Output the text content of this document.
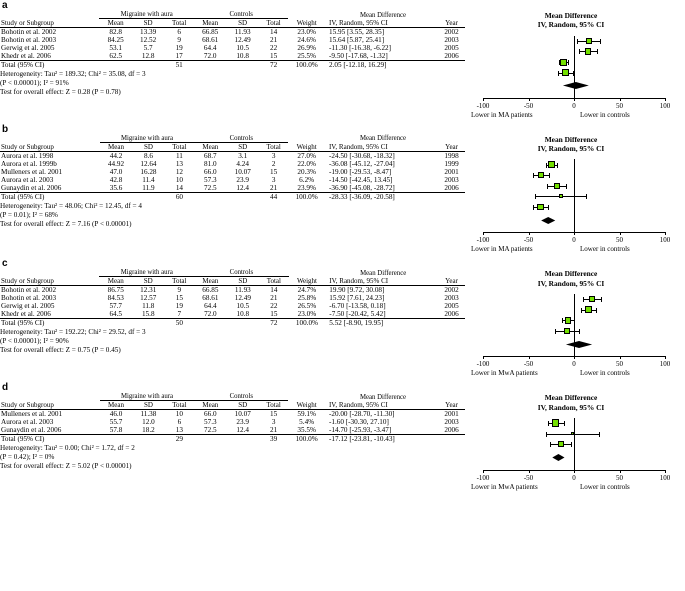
a
	Migraine with aura			Controls				Mean Difference	
Study or Subgroup	Mean	SD	Total	Mean	SD	Total	Weight	IV, Random, 95% CI	Year
Bohotin et al. 2002	82.8	13.39	6	66.85	11.93	14	23.0%	15.95 [3.55, 28.35]	2002
Bohotin et al. 2003	84.25	12.52	9	68.61	12.49	21	24.6%	15.64 [5.87, 25.41]	2003
Gerwig et al. 2005	53.1	5.7	19	64.4	10.5	22	26.9%	-11.30 [-16.38, -6.22]	2005
Khedr et al. 2006	62.5	12.8	17	72.0	10.8	15	25.5%	-9.50 [-17.68, -1.32]	2006
Total (95% CI)			51			72	100.0%	2.05 [-12.18, 16.29]	
Heterogeneity: Tau² = 189.32; Chi² = 35.08, df = 3
(P < 0.00001); I² = 91%
Test for overall effect: Z = 0.28 (P = 0.78)
Mean Difference
IV, Random, 95% CI
-100	-50	0	50	100
Lower in MA patients	Lower in controls
b
	Migraine with aura			Controls				Mean Difference	
Study or Subgroup	Mean	SD	Total	Mean	SD	Total	Weight	IV, Random, 95% CI	Year
Aurora et al. 1998	44.2	8.6	11	68.7	3.1	3	27.0%	-24.50 [-30.68, -18.32]	1998
Aurora et al. 1999b	44.92	12.64	13	81.0	4.24	2	22.0%	-36.08 [-45.12, -27.04]	1999
Mulleners et al. 2001	47.0	16.28	12	66.0	10.07	15	20.3%	-19.00 [-29.53, -8.47]	2001
Aurora et al. 2003	42.8	11.4	10	57.3	23.9	3	6.2%	-14.50 [-42.45, 13.45]	2003
Gunaydin et al. 2006	35.6	11.9	14	72.5	12.4	21	23.9%	-36.90 [-45.08, -28.72]	2006
Total (95% CI)			60			44	100.0%	-28.33 [-36.09, -20.58]	
Heterogeneity: Tau² = 48.06; Chi² = 12.45, df = 4
(P = 0.01); I² = 68%
Test for overall effect: Z = 7.16 (P < 0.00001)
Mean Difference
IV, Random, 95% CI
-100	-50	0	50	100
Lower in MA patients	Lower in controls
c
	Migraine with aura			Controls				Mean Difference	
Study or Subgroup	Mean	SD	Total	Mean	SD	Total	Weight	IV, Random, 95% CI	Year
Bohotin et al. 2002	86.75	12.31	9	66.85	11.93	14	24.7%	19.90 [9.72, 30.08]	2002
Bohotin et al. 2003	84.53	12.57	15	68.61	12.49	21	25.8%	15.92 [7.61, 24.23]	2003
Gerwig et al. 2005	57.7	11.8	19	64.4	10.5	22	26.5%	-6.70 [-13.58, 0.18]	2005
Khedr et al. 2006	64.5	15.8	7	72.0	10.8	15	23.0%	-7.50 [-20.42, 5.42]	2006
Total (95% CI)			50			72	100.0%	5.52 [-8.90, 19.95]	
Heterogeneity: Tau² = 192.22; Chi² = 29.52, df = 3
(P < 0.00001); I² = 90%
Test for overall effect: Z = 0.75 (P = 0.45)
Mean Difference
IV, Random, 95% CI
-100	-50	0	50	100
Lower in MwA patients	Lower in controls
d
	Migraine with aura			Controls				Mean Difference	
Study or Subgroup	Mean	SD	Total	Mean	SD	Total	Weight	IV, Random, 95% CI	Year
Mulleners et al. 2001	46.0	11.38	10	66.0	10.07	15	59.1%	-20.00 [-28.70, -11.30]	2001
Aurora et al. 2003	55.7	12.0	6	57.3	23.9	3	5.4%	-1.60 [-30.30, 27.10]	2003
Gunaydin et al. 2006	57.8	18.2	13	72.5	12.4	21	35.5%	-14.70 [-25.93, -3.47]	2006
Total (95% CI)			29			39	100.0%	-17.12 [-23.81, -10.43]	
Heterogeneity: Tau² = 0.00; Chi² = 1.72, df = 2
(P = 0.42); I² = 0%
Test for overall effect: Z = 5.02 (P < 0.00001)
Mean Difference
IV, Random, 95% CI
-100	-50	0	50	100
Lower in MwA patients	Lower in controls
